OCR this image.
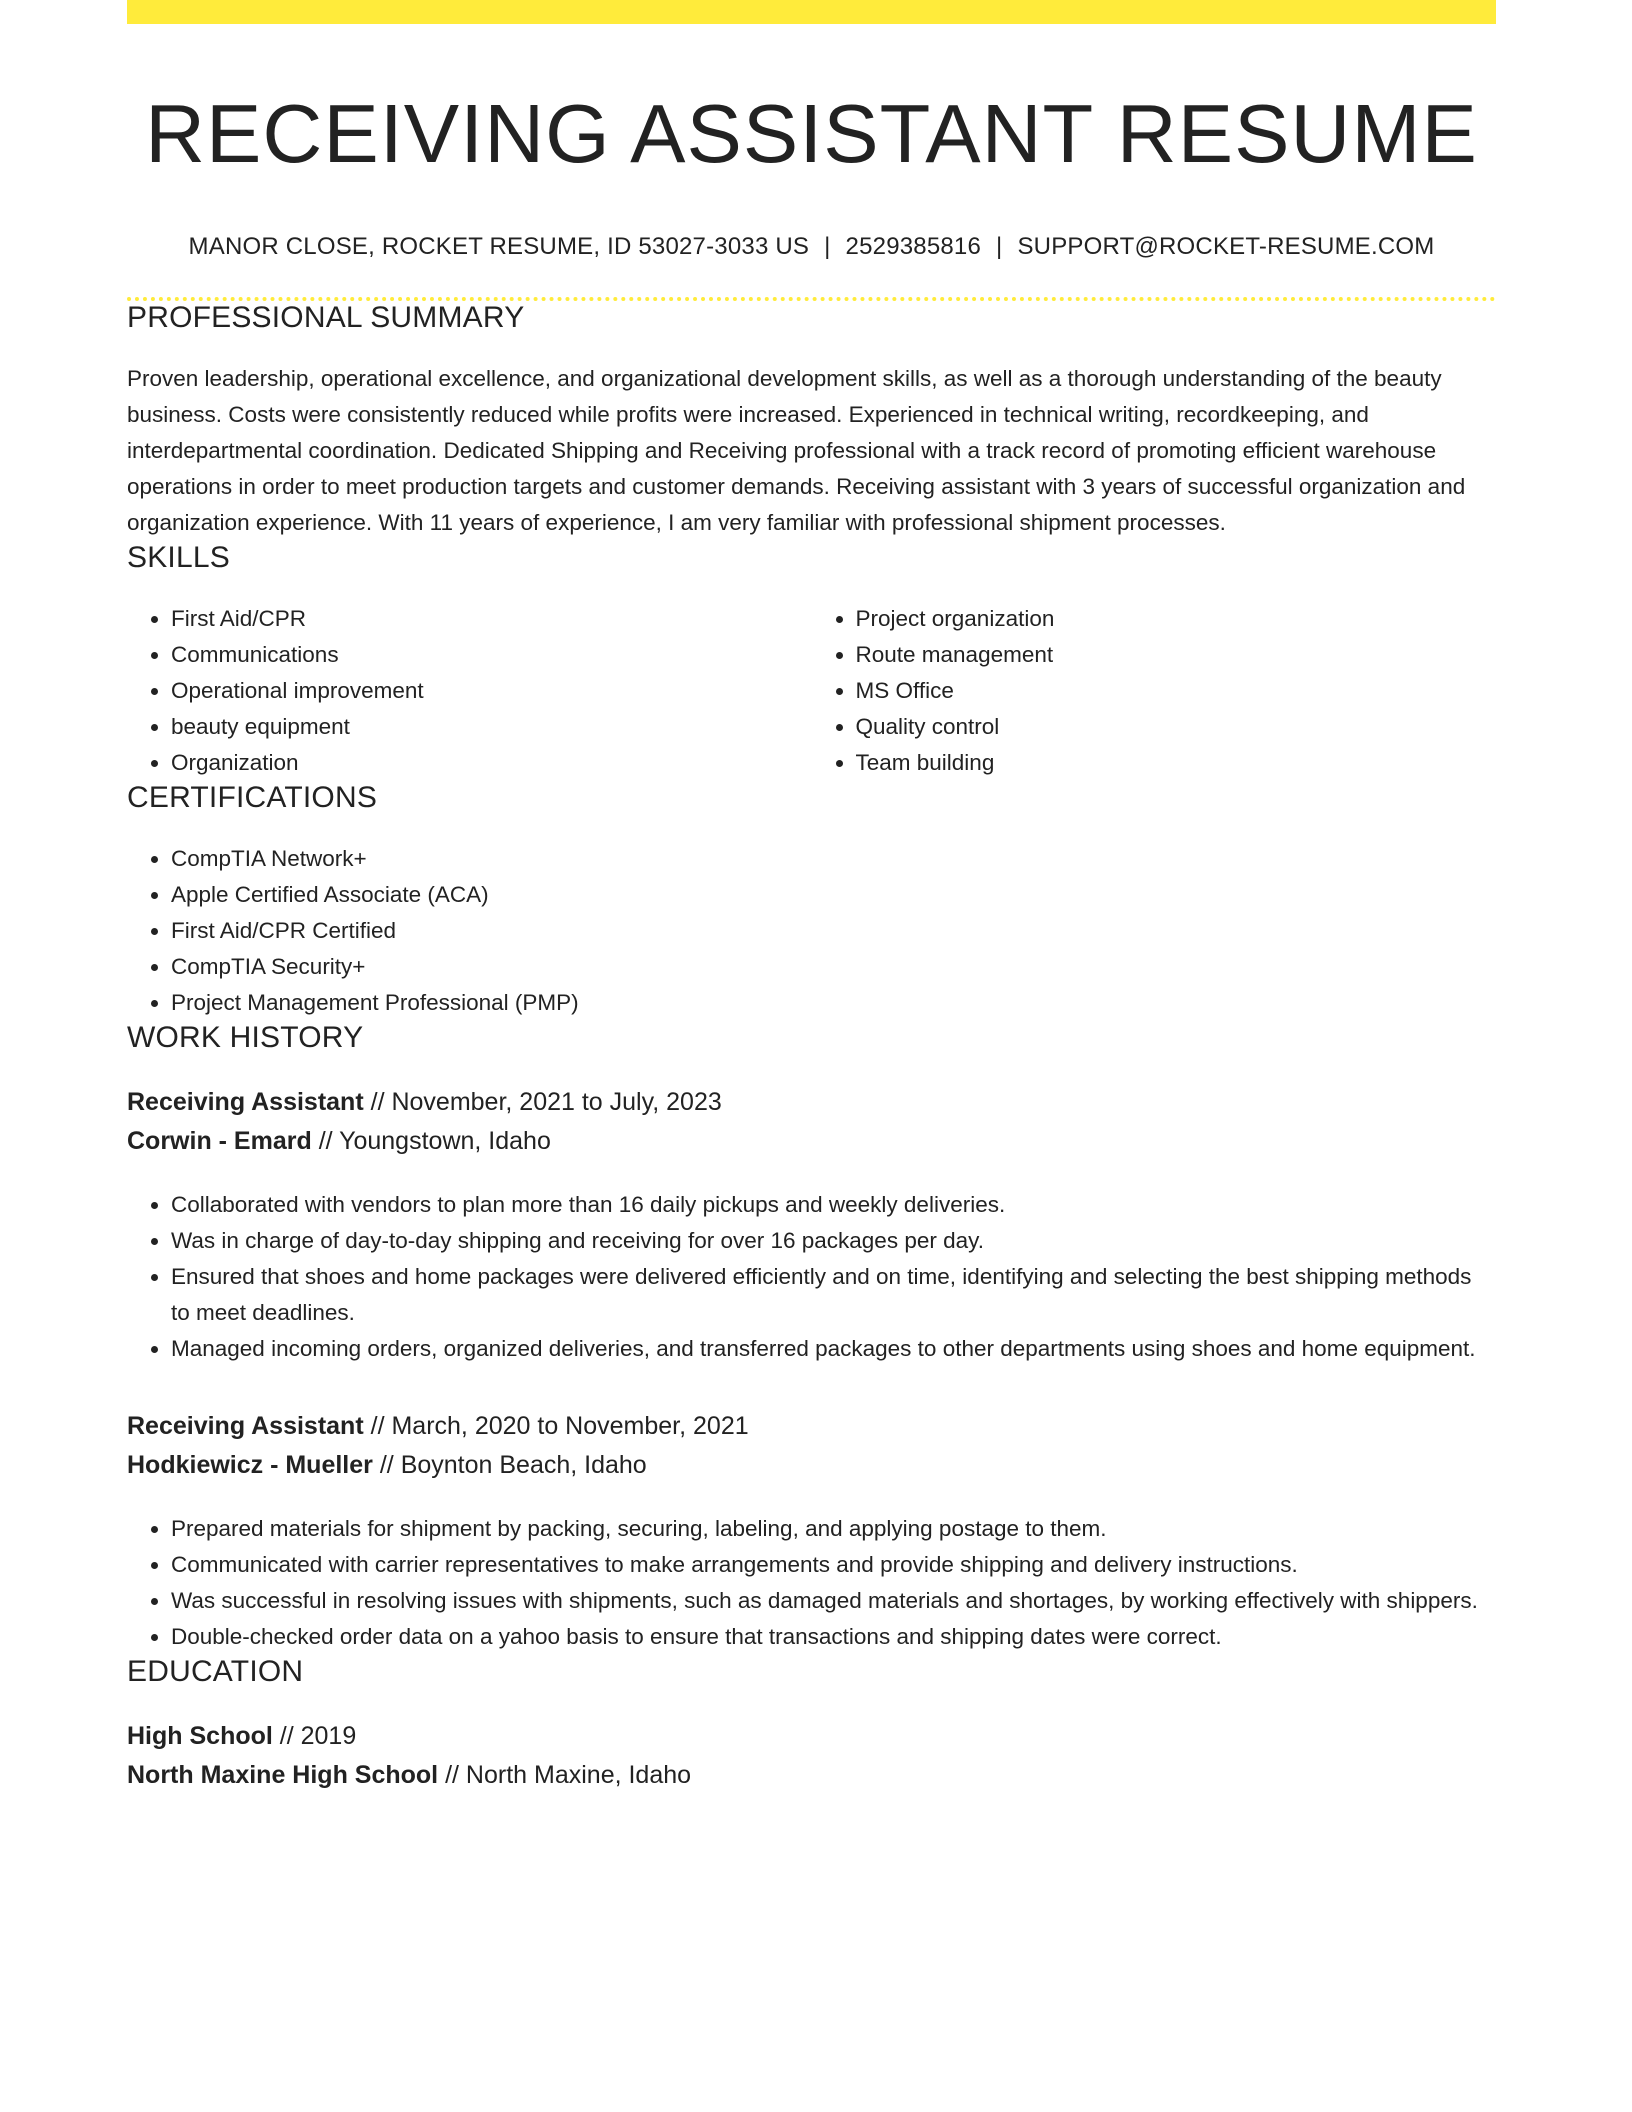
RECEIVING ASSISTANT RESUME
MANOR CLOSE, ROCKET RESUME, ID 53027-3033 US | 2529385816 | SUPPORT@ROCKET-RESUME.COM
PROFESSIONAL SUMMARY

Proven leadership, operational excellence, and organizational development skills, as well as a thorough understanding of the beauty business. Costs were consistently reduced while profits were increased. Experienced in technical writing, recordkeeping, and interdepartmental coordination. Dedicated Shipping and Receiving professional with a track record of promoting efficient warehouse operations in order to meet production targets and customer demands. Receiving assistant with 3 years of successful organization and organization experience. With 11 years of experience, I am very familiar with professional shipment processes.

SKILLS
• First Aid/CPR
• Communications
• Operational improvement
• beauty equipment
• Organization
• Project organization
• Route management
• MS Office
• Quality control
• Team building
CERTIFICATIONS
• CompTIA Network+
• Apple Certified Associate (ACA)
• First Aid/CPR Certified
• CompTIA Security+
• Project Management Professional (PMP)
WORK HISTORY

Receiving Assistant // November, 2021 to July, 2023

Corwin - Emard // Youngstown, Idaho

• Collaborated with vendors to plan more than 16 daily pickups and weekly deliveries.
• Was in charge of day-to-day shipping and receiving for over 16 packages per day.
• Ensured that shoes and home packages were delivered efficiently and on time, identifying and selecting the best shipping methods to meet deadlines.
• Managed incoming orders, organized deliveries, and transferred packages to other departments using shoes and home equipment.

Receiving Assistant // March, 2020 to November, 2021

Hodkiewicz - Mueller // Boynton Beach, Idaho

• Prepared materials for shipment by packing, securing, labeling, and applying postage to them.
• Communicated with carrier representatives to make arrangements and provide shipping and delivery instructions.
• Was successful in resolving issues with shipments, such as damaged materials and shortages, by working effectively with shippers.
• Double-checked order data on a yahoo basis to ensure that transactions and shipping dates were correct.
EDUCATION

High School // 2019

North Maxine High School // North Maxine, Idaho
